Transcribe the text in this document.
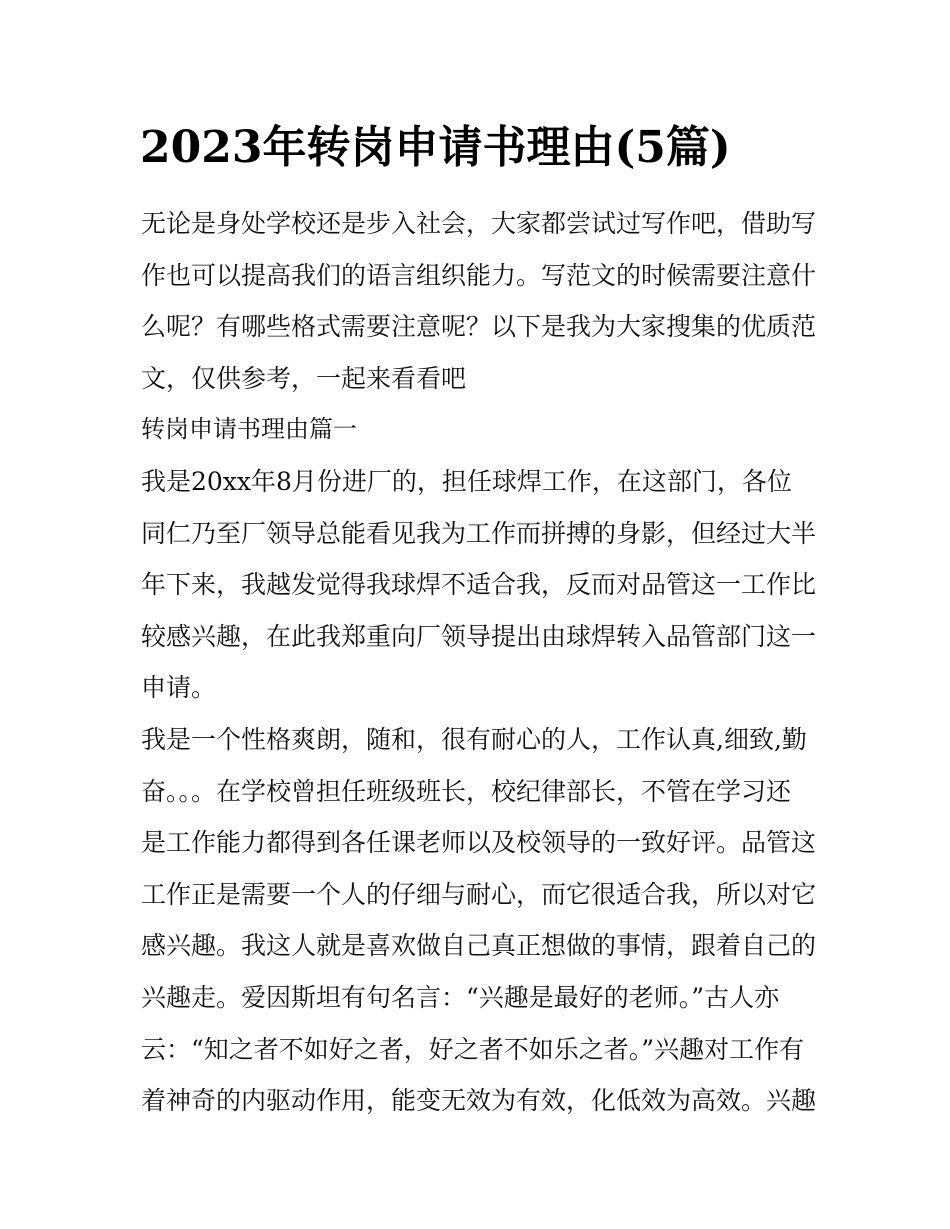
2023年转岗申请书理由(5篇)
无论是身处学校还是步入社会，大家都尝试过写作吧，借助写
作也可以提高我们的语言组织能力。写范文的时候需要注意什
么呢？有哪些格式需要注意呢？以下是我为大家搜集的优质范
文，仅供参考，一起来看看吧
转岗申请书理由篇一
我是20xx年8月份进厂的，担任球焊工作，在这部门，各位
同仁乃至厂领导总能看见我为工作而拼搏的身影，但经过大半
年下来，我越发觉得我球焊不适合我，反而对品管这一工作比
较感兴趣，在此我郑重向厂领导提出由球焊转入品管部门这一
申请。
我是一个性格爽朗，随和，很有耐心的人，工作认真,细致,勤
奋。。。在学校曾担任班级班长，校纪律部长，不管在学习还
是工作能力都得到各任课老师以及校领导的一致好评。品管这
工作正是需要一个人的仔细与耐心，而它很适合我，所以对它
感兴趣。我这人就是喜欢做自己真正想做的事情，跟着自己的
兴趣走。爱因斯坦有句名言：“兴趣是最好的老师。”古人亦
云：“知之者不如好之者，好之者不如乐之者。”兴趣对工作有
着神奇的内驱动作用，能变无效为有效，化低效为高效。兴趣
